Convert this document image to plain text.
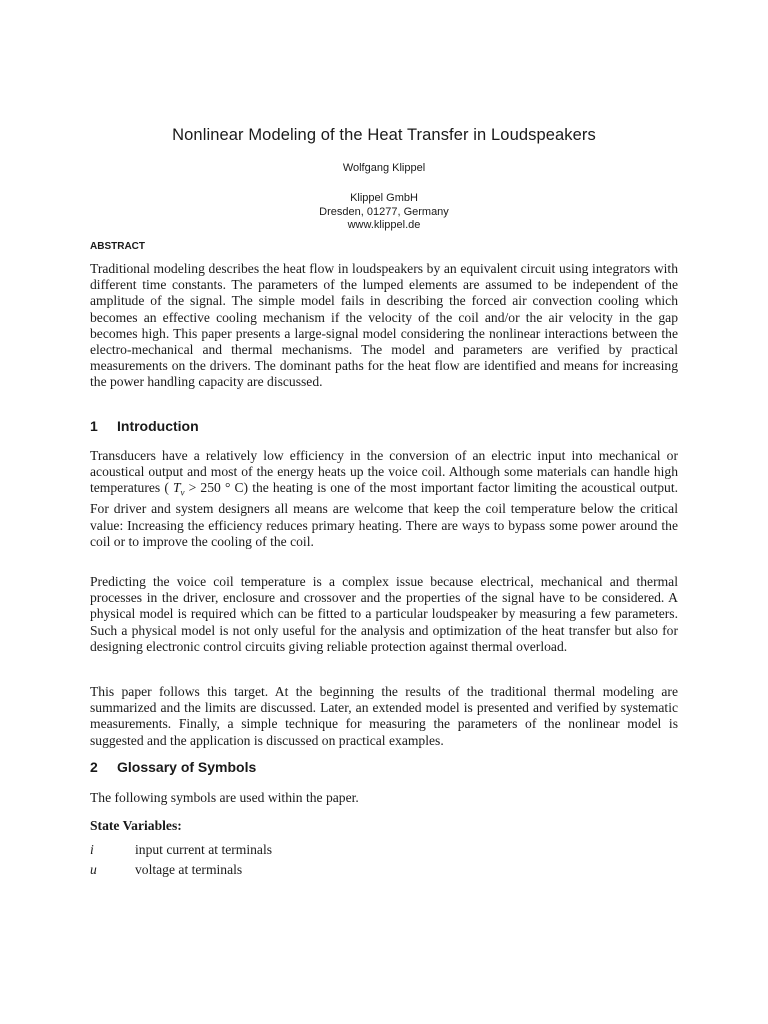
Nonlinear Modeling of the Heat Transfer in Loudspeakers
Wolfgang Klippel
Klippel GmbH
Dresden, 01277, Germany
www.klippel.de
ABSTRACT

Traditional modeling describes the heat flow in loudspeakers by an equivalent circuit using integrators with different time constants. The parameters of the lumped elements are assumed to be independent of the amplitude of the signal. The simple model fails in describing the forced air convection cooling which becomes an effective cooling mechanism if the velocity of the coil and/or the air velocity in the gap becomes high. This paper presents a large-signal model considering the nonlinear interactions between the electro-mechanical and thermal mechanisms. The model and parameters are verified by practical measurements on the drivers. The dominant paths for the heat flow are identified and means for increasing the power handling capacity are discussed.

1 Introduction

Transducers have a relatively low efficiency in the conversion of an electric input into mechanical or acoustical output and most of the energy heats up the voice coil. Although some materials can handle high temperatures ( $T_v > 250$ ° C) the heating is one of the most important factor limiting the acoustical output. For driver and system designers all means are welcome that keep the coil temperature below the critical value: Increasing the efficiency reduces primary heating. There are ways to bypass some power around the coil or to improve the cooling of the coil.

Predicting the voice coil temperature is a complex issue because electrical, mechanical and thermal processes in the driver, enclosure and crossover and the properties of the signal have to be considered. A physical model is required which can be fitted to a particular loudspeaker by measuring a few parameters. Such a physical model is not only useful for the analysis and optimization of the heat transfer but also for designing electronic control circuits giving reliable protection against thermal overload.

This paper follows this target. At the beginning the results of the traditional thermal modeling are summarized and the limits are discussed. Later, an extended model is presented and verified by systematic measurements. Finally, a simple technique for measuring the parameters of the nonlinear model is suggested and the application is discussed on practical examples.

2 Glossary of Symbols

The following symbols are used within the paper.

State Variables:
i	input current at terminals
u	voltage at terminals
